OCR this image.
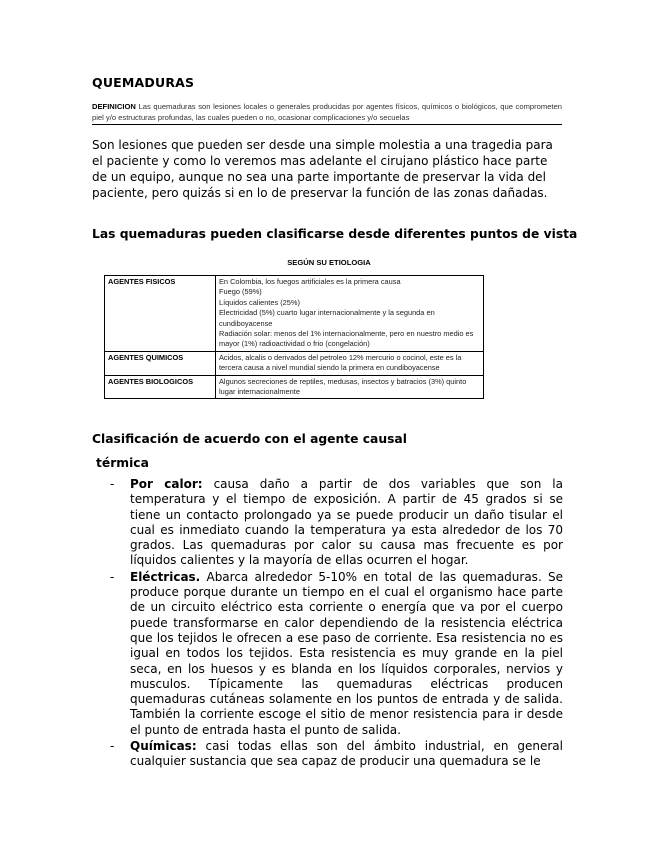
QUEMADURAS
DEFINICION Las quemaduras son lesiones locales o generales producidas por agentes físicos, químicos o biológicos, que comprometen piel y/o estructuras profundas, las cuales pueden o no, ocasionar complicaciones y/o secuelas
Son lesiones que pueden ser desde una simple molestia a una tragedia para el paciente y como lo veremos mas adelante el cirujano plástico hace parte de un equipo, aunque no sea una parte importante de preservar la vida del paciente, pero quizás si en lo de preservar la función de las zonas dañadas.
Las quemaduras pueden clasificarse desde diferentes puntos de vista
SEGÚN SU ETIOLOGIA
AGENTES FISICOS	En Colombia, los fuegos artificiales es la primera causa
Fuego (59%)
Líquidos calientes (25%)
Electricidad (5%) cuarto lugar internacionalmente y la segunda en cundiboyacense
Radiación solar: menos del 1% internacionalmente, pero en nuestro medio es mayor (1%) radioactividad o frio (congelación)

AGENTES QUIMICOS	Acidos, alcalis o derivados del petroleo 12% mercurio o cocinol, este es la tercera causa a nivel mundial siendo la primera en cundiboyacense

AGENTES BIOLOGICOS	Algunos secreciones de reptiles, medusas, insectos y batracios (3%) quinto lugar internacionalmente
Clasificación de acuerdo con el agente causal
térmica
- Por calor: causa daño a partir de dos variables que son la temperatura y el tiempo de exposición. A partir de 45 grados si se tiene un contacto prolongado ya se puede producir un daño tisular el cual es inmediato cuando la temperatura ya esta alrededor de los 70 grados. Las quemaduras por calor su causa mas frecuente es por líquidos calientes y la mayoría de ellas ocurren el hogar.
- Eléctricas. Abarca alrededor 5-10% en total de las quemaduras. Se produce porque durante un tiempo en el cual el organismo hace parte de un circuito eléctrico esta corriente o energía que va por el cuerpo puede transformarse en calor dependiendo de la resistencia eléctrica que los tejidos le ofrecen a ese paso de corriente. Esa resistencia no es igual en todos los tejidos. Esta resistencia es muy grande en la piel seca, en los huesos y es blanda en los líquidos corporales, nervios y musculos. Típicamente las quemaduras eléctricas producen quemaduras cutáneas solamente en los puntos de entrada y de salida. También la corriente escoge el sitio de menor resistencia para ir desde el punto de entrada hasta el punto de salida.
- Químicas: casi todas ellas son del ámbito industrial, en general cualquier sustancia que sea capaz de producir una quemadura se le
